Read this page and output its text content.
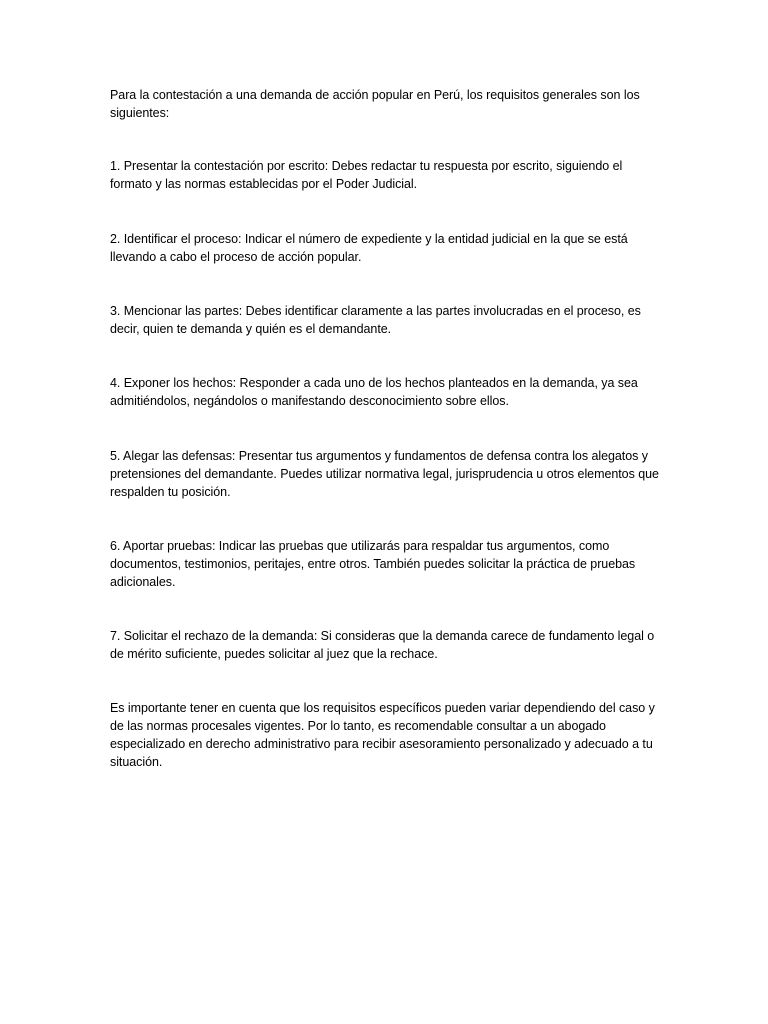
Para la contestación a una demanda de acción popular en Perú, los requisitos generales son los siguientes:

1. Presentar la contestación por escrito: Debes redactar tu respuesta por escrito, siguiendo el formato y las normas establecidas por el Poder Judicial.

2. Identificar el proceso: Indicar el número de expediente y la entidad judicial en la que se está llevando a cabo el proceso de acción popular.

3. Mencionar las partes: Debes identificar claramente a las partes involucradas en el proceso, es decir, quien te demanda y quién es el demandante.

4. Exponer los hechos: Responder a cada uno de los hechos planteados en la demanda, ya sea admitiéndolos, negándolos o manifestando desconocimiento sobre ellos.

5. Alegar las defensas: Presentar tus argumentos y fundamentos de defensa contra los alegatos y pretensiones del demandante. Puedes utilizar normativa legal, jurisprudencia u otros elementos que respalden tu posición.

6. Aportar pruebas: Indicar las pruebas que utilizarás para respaldar tus argumentos, como documentos, testimonios, peritajes, entre otros. También puedes solicitar la práctica de pruebas adicionales.

7. Solicitar el rechazo de la demanda: Si consideras que la demanda carece de fundamento legal o de mérito suficiente, puedes solicitar al juez que la rechace.

Es importante tener en cuenta que los requisitos específicos pueden variar dependiendo del caso y de las normas procesales vigentes. Por lo tanto, es recomendable consultar a un abogado especializado en derecho administrativo para recibir asesoramiento personalizado y adecuado a tu situación.
